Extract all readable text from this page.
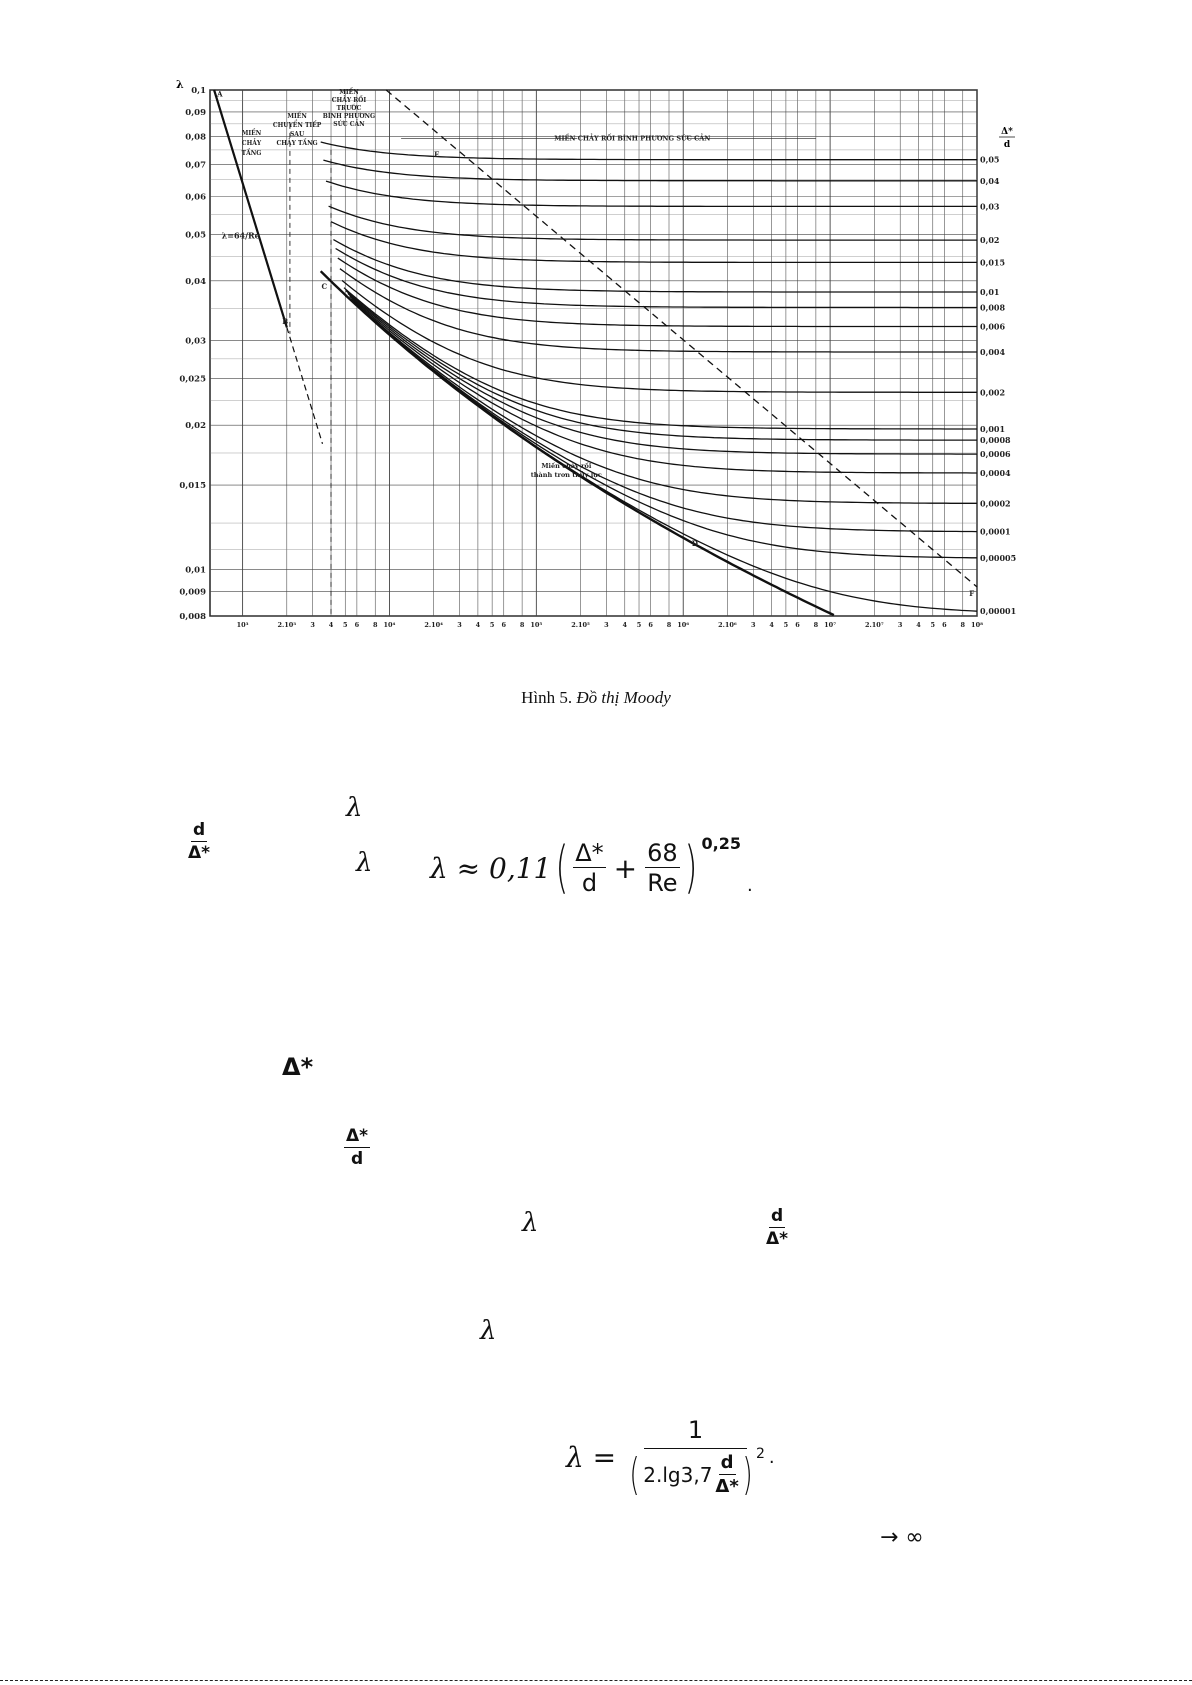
10³	2.10³ 3 4 5 6 8 10⁴	2.10⁴ 3 4 5 6 8 10⁵	2.10⁵ 3 4 5 6 8 10⁶	2.10⁶ 3 4 5 6 8 10⁷	2.10⁷ 3 4 5 6 8 10⁸
0,1
0,09
0,08
0,07
0,06
0,05
0,04
0,03
0,025
0,02
0,015
0,01
0,009
0,008
0,05
0,04
0,03
0,02
0,015
0,01
0,008
0,006
0,004
0,002
0,001
0,0008
0,0006
0,0004
0,0002
0,0001
0,00005
0,00001
A
B
C
D
E
F
λ=64/Re
MIỀN
CHẢY
TẦNG
MIỀN
CHUYỂN TIẾP
SAU
CHẢY TẦNG
MIỀN
CHẢY RỐI
TRƯỚC
BÌNH PHƯƠNG
SỨC CẢN
MIỀN CHẢY RỐI BÌNH PHƯƠNG SỨC CẢN
Miền chảy rối
thành trơn thủy lực
λ
Δ*
d
Hình 5. Đồ thị Moody
λ
$\frac{d}{\Delta*}$
λ λ ≈ 0,11 ( $\frac{\Delta*}{d} + \frac{68}{Re}$ ) 0,25
.
Δ*
$\frac{\Delta*}{d}$
λ	$\frac{d}{\Delta*}$
λ
λ =
1
( $2.\lg 3,7 \frac{d}{\Delta*}$ ) 2 .
→ ∞
